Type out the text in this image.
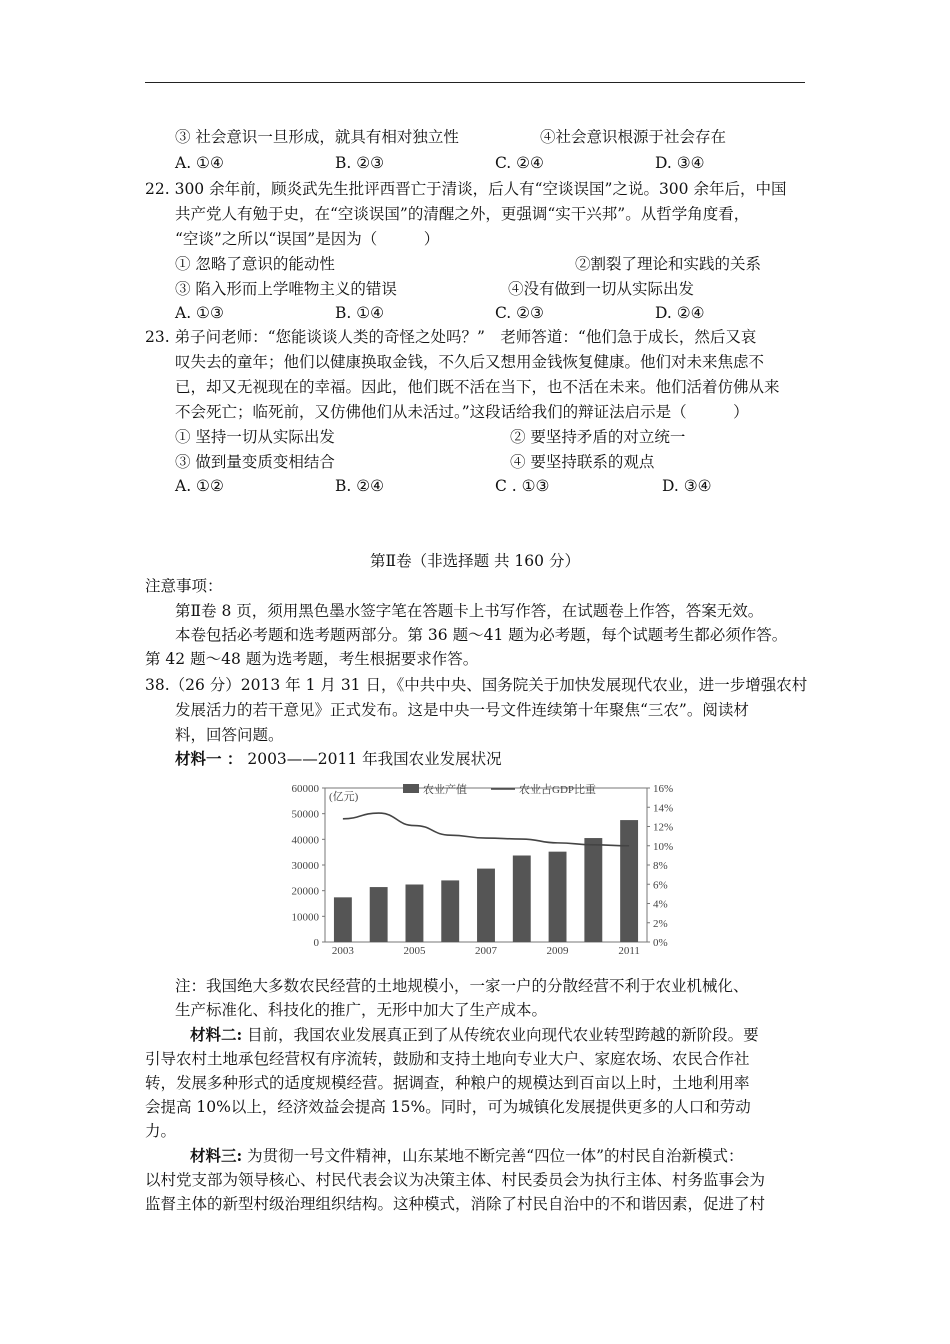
③ 社会意识一旦形成，就具有相对独立性	④社会意识根源于社会存在
A. ①④	B. ②③	C. ②④	D. ③④
22. 300 余年前，顾炎武先生批评西晋亡于清谈，后人有“空谈误国”之说。300 余年后，中国
共产党人有勉于史，在“空谈误国”的清醒之外，更强调“实干兴邦”。从哲学角度看，
“空谈”之所以“误国”是因为（　　　）
① 忽略了意识的能动性	②割裂了理论和实践的关系
③ 陷入形而上学唯物主义的错误	④没有做到一切从实际出发
A. ①③	B. ①④	C. ②③	D. ②④
23. 弟子问老师：“您能谈谈人类的奇怪之处吗？”　老师答道：“他们急于成长，然后又哀
叹失去的童年；他们以健康换取金钱，不久后又想用金钱恢复健康。他们对未来焦虑不
已，却又无视现在的幸福。因此，他们既不活在当下，也不活在未来。他们活着仿佛从来
不会死亡；临死前，又仿佛他们从未活过。”这段话给我们的辩证法启示是（　　　）
① 坚持一切从实际出发	② 要坚持矛盾的对立统一
③ 做到量变质变相结合	④ 要坚持联系的观点
A. ①②	B. ②④	C . ①③	D. ③④
第Ⅱ卷（非选择题 共 160 分）
注意事项：
第Ⅱ卷 8 页，须用黑色墨水签字笔在答题卡上书写作答，在试题卷上作答，答案无效。
本卷包括必考题和选考题两部分。第 36 题～41 题为必考题，每个试题考生都必须作答。
第 42 题～48 题为选考题，考生根据要求作答。
38.（26 分）2013 年 1 月 31 日，《中共中央、国务院关于加快发展现代农业，进一步增强农村
发展活力的若干意见》正式发布。这是中央一号文件连续第十年聚焦“三农”。阅读材
料，回答问题。
材料一 ： 2003——2011 年我国农业发展状况
0
10000
20000
30000
40000
50000
60000
0%
2%
4%
6%
8%
10%
12%
14%
16%
2003	2005	2007	2009	2011
(亿元)
农业产值	农业占GDP比重
注：我国绝大多数农民经营的土地规模小，一家一户的分散经营不利于农业机械化、
生产标准化、科技化的推广，无形中加大了生产成本。
材料二: 目前，我国农业发展真正到了从传统农业向现代农业转型跨越的新阶段。要
引导农村土地承包经营权有序流转，鼓励和支持土地向专业大户、家庭农场、农民合作社
转，发展多种形式的适度规模经营。据调查，种粮户的规模达到百亩以上时，土地利用率
会提高 10%以上，经济效益会提高 15%。同时，可为城镇化发展提供更多的人口和劳动
力。
材料三: 为贯彻一号文件精神，山东某地不断完善“四位一体”的村民自治新模式：
以村党支部为领导核心、村民代表会议为决策主体、村民委员会为执行主体、村务监事会为
监督主体的新型村级治理组织结构。这种模式，消除了村民自治中的不和谐因素，促进了村
